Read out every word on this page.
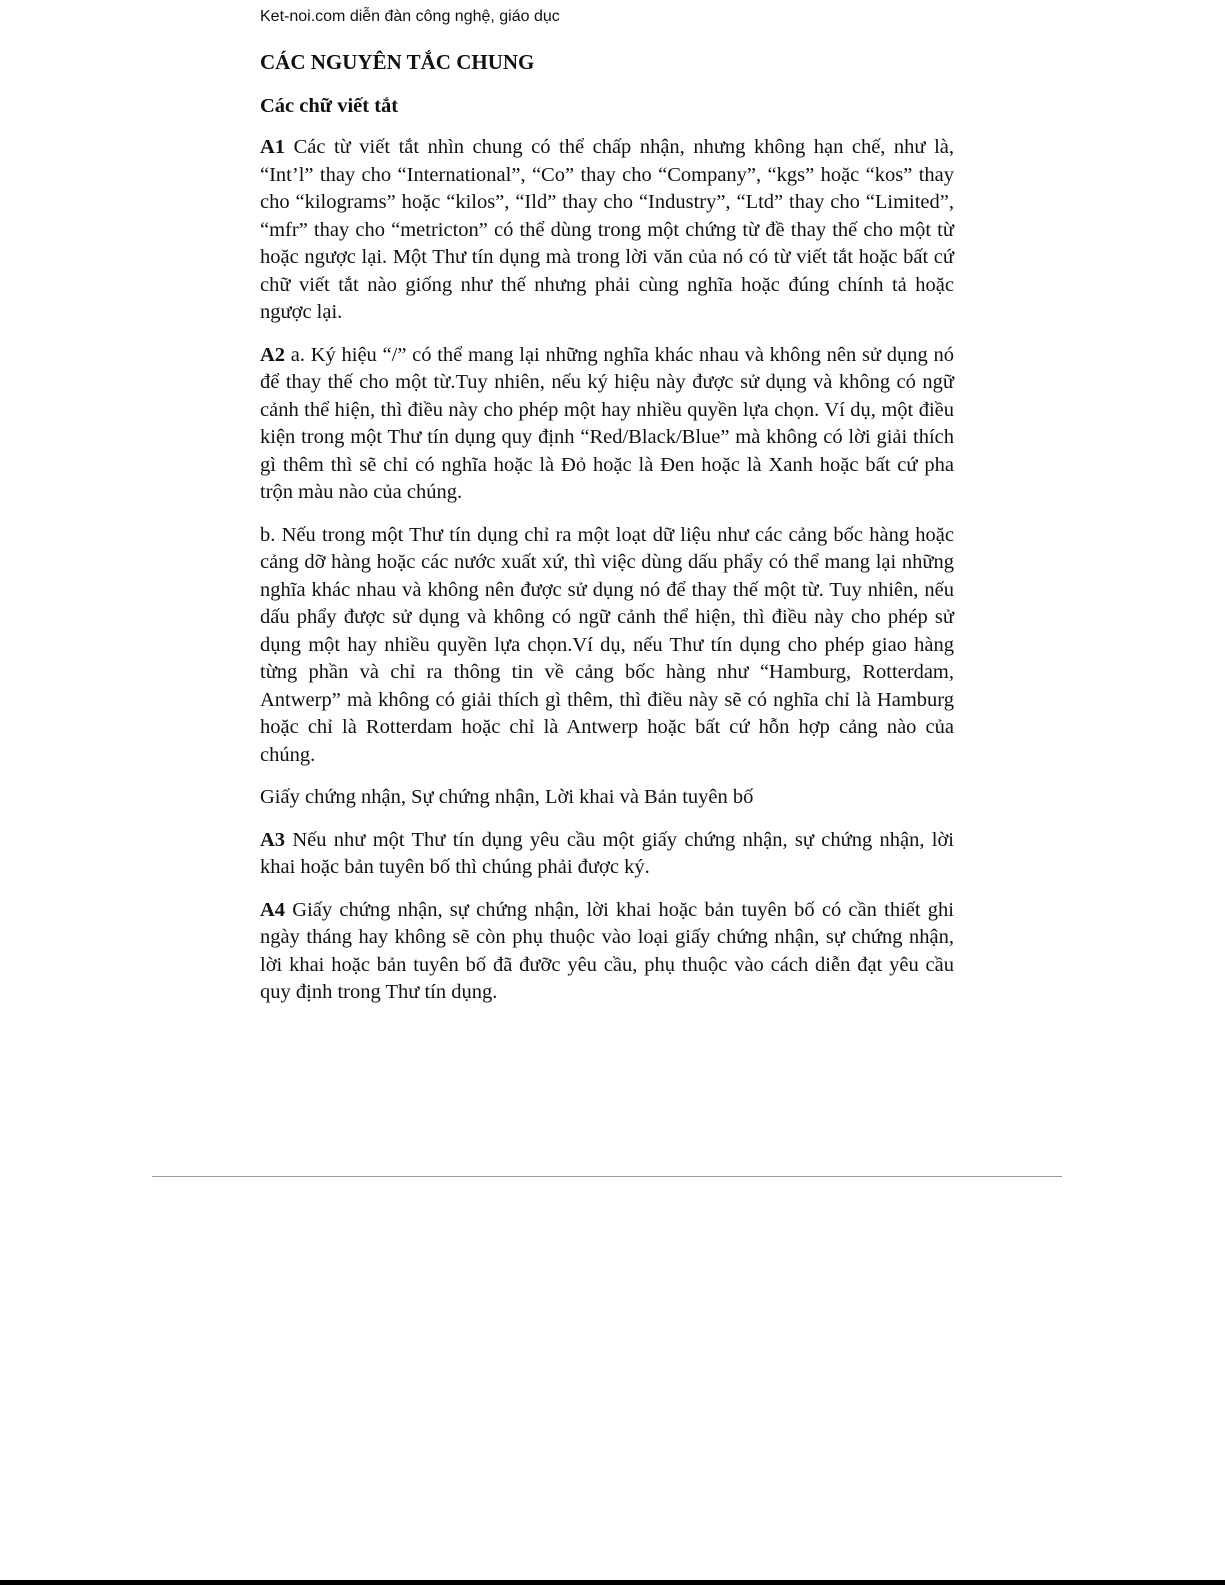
Ket-noi.com diễn đàn công nghệ, giáo dục
CÁC NGUYÊN TẮC CHUNG
Các chữ viết tắt

A1 Các từ viết tắt nhìn chung có thể chấp nhận, nhưng không hạn chế, như là, “Int’l” thay cho “International”, “Co” thay cho “Company”, “kgs” hoặc “kos” thay cho “kilograms” hoặc “kilos”, “Ild” thay cho “Industry”, “Ltd” thay cho “Limited”, “mfr” thay cho “metricton” có thể dùng trong một chứng từ đề thay thế cho một từ hoặc ngược lại. Một Thư tín dụng mà trong lời văn của nó có từ viết tắt hoặc bất cứ chữ viết tắt nào giống như thế nhưng phải cùng nghĩa hoặc đúng chính tả hoặc ngược lại.

A2 a. Ký hiệu “/” có thể mang lại những nghĩa khác nhau và không nên sử dụng nó để thay thế cho một từ.Tuy nhiên, nếu ký hiệu này được sử dụng và không có ngữ cảnh thể hiện, thì điều này cho phép một hay nhiều quyền lựa chọn. Ví dụ, một điều kiện trong một Thư tín dụng quy định “Red/Black/Blue” mà không có lời giải thích gì thêm thì sẽ chỉ có nghĩa hoặc là Đỏ hoặc là Đen hoặc là Xanh hoặc bất cứ pha trộn màu nào của chúng.

b. Nếu trong một Thư tín dụng chỉ ra một loạt dữ liệu như các cảng bốc hàng hoặc cảng dỡ hàng hoặc các nước xuất xứ, thì việc dùng dấu phẩy có thể mang lại những nghĩa khác nhau và không nên được sử dụng nó để thay thế một từ. Tuy nhiên, nếu dấu phẩy được sử dụng và không có ngữ cảnh thể hiện, thì điều này cho phép sử dụng một hay nhiều quyền lựa chọn.Ví dụ, nếu Thư tín dụng cho phép giao hàng từng phần và chỉ ra thông tin về cảng bốc hàng như “Hamburg, Rotterdam, Antwerp” mà không có giải thích gì thêm, thì điều này sẽ có nghĩa chỉ là Hamburg hoặc chỉ là Rotterdam hoặc chỉ là Antwerp hoặc bất cứ hỗn hợp cảng nào của chúng.

Giấy chứng nhận, Sự chứng nhận, Lời khai và Bản tuyên bố

A3 Nếu như một Thư tín dụng yêu cầu một giấy chứng nhận, sự chứng nhận, lời khai hoặc bản tuyên bố thì chúng phải được ký.

A4 Giấy chứng nhận, sự chứng nhận, lời khai hoặc bản tuyên bố có cần thiết ghi ngày tháng hay không sẽ còn phụ thuộc vào loại giấy chứng nhận, sự chứng nhận, lời khai hoặc bản tuyên bố đã đưỡc yêu cầu, phụ thuộc vào cách diễn đạt yêu cầu quy định trong Thư tín dụng.
